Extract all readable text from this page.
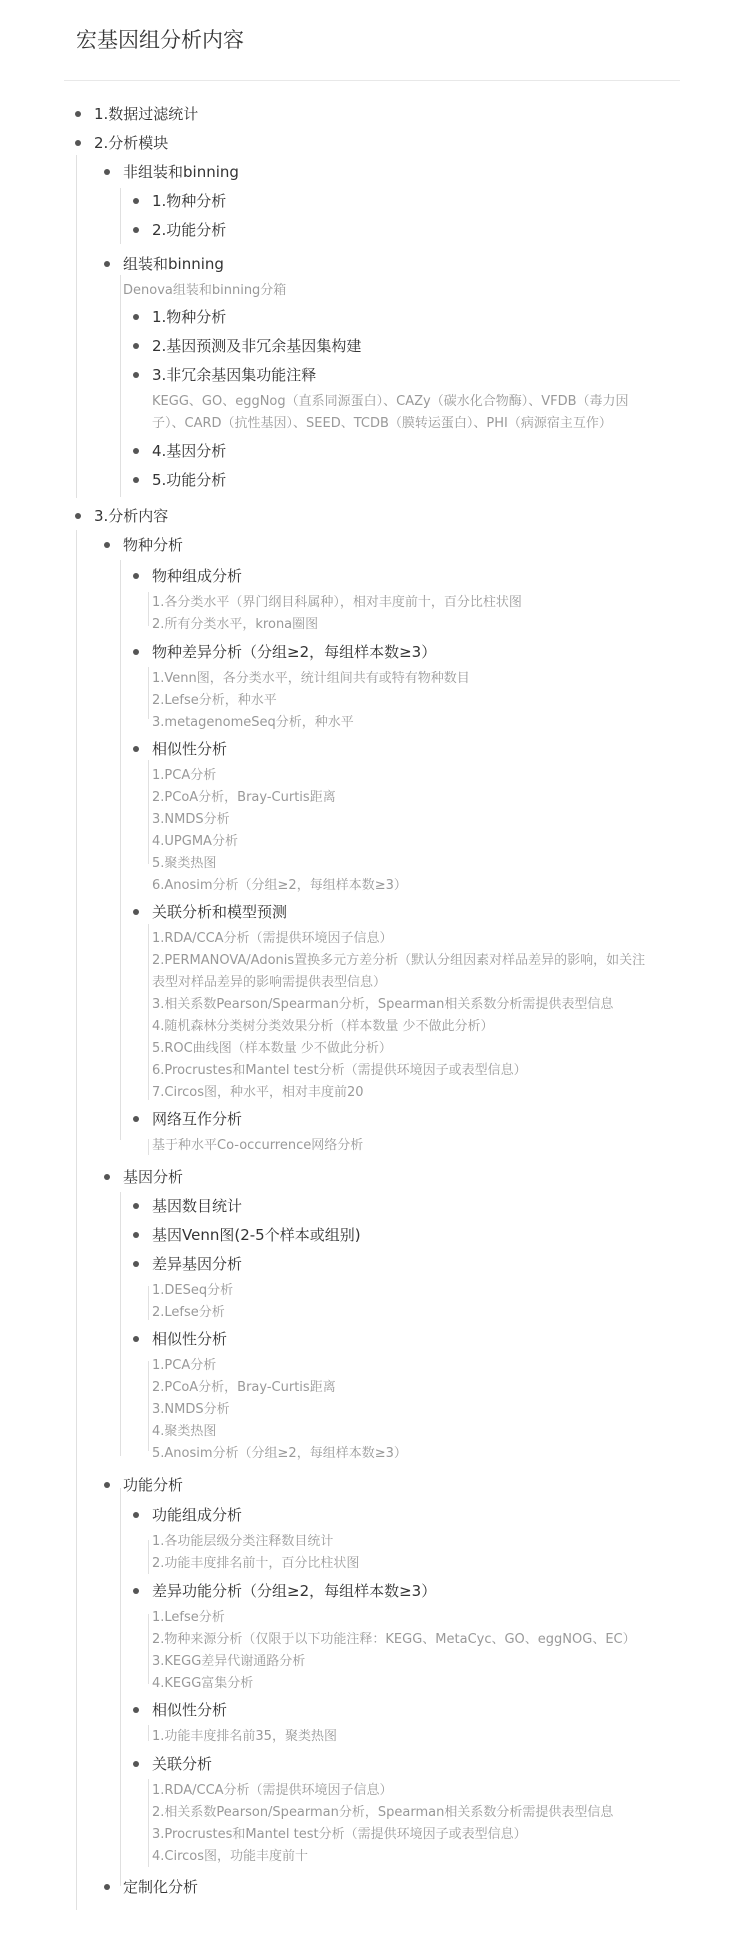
宏基因组分析内容
1.数据过滤统计
2.分析模块
非组装和binning
1.物种分析
2.功能分析
组装和binning
Denova组装和binning分箱
1.物种分析
2.基因预测及非冗余基因集构建
3.非冗余基因集功能注释
KEGG、GO、eggNog（直系同源蛋白）、CAZy（碳水化合物酶）、VFDB（毒力因
子）、CARD（抗性基因）、SEED、TCDB（膜转运蛋白）、PHI（病源宿主互作）
4.基因分析
5.功能分析
3.分析内容
物种分析
物种组成分析
1.各分类水平（界门纲目科属种），相对丰度前十，百分比柱状图
2.所有分类水平，krona圈图
物种差异分析（分组≥2，每组样本数≥3）
1.Venn图，各分类水平，统计组间共有或特有物种数目
2.Lefse分析，种水平
3.metagenomeSeq分析，种水平
相似性分析
1.PCA分析
2.PCoA分析，Bray-Curtis距离
3.NMDS分析
4.UPGMA分析
5.聚类热图
6.Anosim分析（分组≥2，每组样本数≥3）
关联分析和模型预测
1.RDA/CCA分析（需提供环境因子信息）
2.PERMANOVA/Adonis置换多元方差分析（默认分组因素对样品差异的影响，如关注
表型对样品差异的影响需提供表型信息）
3.相关系数Pearson/Spearman分析，Spearman相关系数分析需提供表型信息
4.随机森林分类树分类效果分析（样本数量 少不做此分析）
5.ROC曲线图（样本数量 少不做此分析）
6.Procrustes和Mantel test分析（需提供环境因子或表型信息）
7.Circos图，种水平，相对丰度前20
网络互作分析
基于种水平Co-occurrence网络分析
基因分析
基因数目统计
基因Venn图(2-5个样本或组别)
差异基因分析
1.DESeq分析
2.Lefse分析
相似性分析
1.PCA分析
2.PCoA分析，Bray-Curtis距离
3.NMDS分析
4.聚类热图
5.Anosim分析（分组≥2，每组样本数≥3）
功能分析
功能组成分析
1.各功能层级分类注释数目统计
2.功能丰度排名前十，百分比柱状图
差异功能分析（分组≥2，每组样本数≥3）
1.Lefse分析
2.物种来源分析（仅限于以下功能注释：KEGG、MetaCyc、GO、eggNOG、EC）
3.KEGG差异代谢通路分析
4.KEGG富集分析
相似性分析
1.功能丰度排名前35，聚类热图
关联分析
1.RDA/CCA分析（需提供环境因子信息）
2.相关系数Pearson/Spearman分析，Spearman相关系数分析需提供表型信息
3.Procrustes和Mantel test分析（需提供环境因子或表型信息）
4.Circos图，功能丰度前十
定制化分析
